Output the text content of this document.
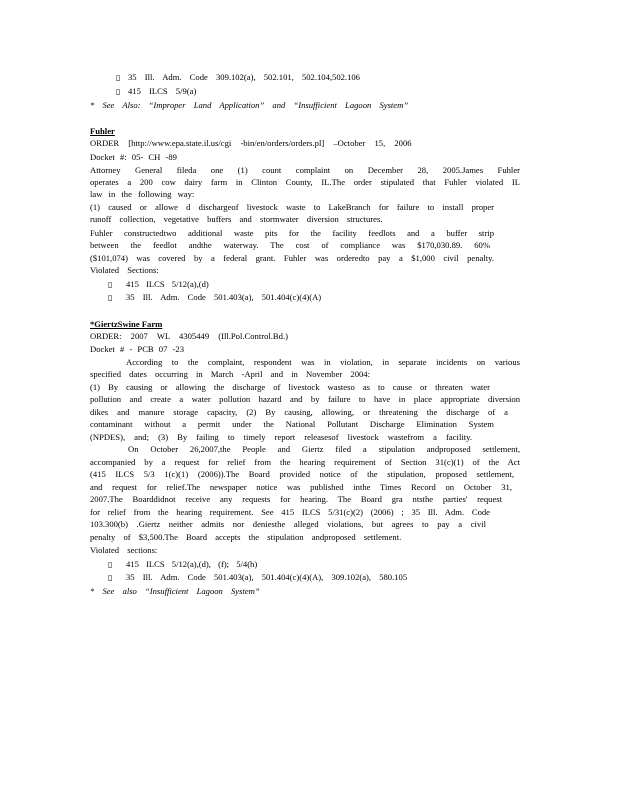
▯ 35 Ill. Adm. Code 309.102(a), 502.101, 502.104,502.106
▯ 415 ILCS 5/9(a)
* See Also: “Improper Land Application” and “Insufficient Lagoon System”
Fuhler
ORDER [http://www.epa.state.il.us/cgi -bin/en/orders/orders.pl] –October 15, 2006
Docket #: 05- CH -89
Attorney General fileda one (1) count complaint on December 28, 2005.James Fuhler
operates a 200 cow dairy farm in Clinton County, IL.The order stipulated that Fuhler violated IL
law in the following way:
(1) caused or allowe d dischargeof livestock waste to LakeBranch for failure to install proper
runoff collection, vegetative buffers and stormwater diversion structures.
Fuhler constructedtwo additional waste pits for the facility feedlots and a buffer strip
between the feedlot andthe waterway. The cost of compliance was $170,030.89. 60%
($101,074) was covered by a federal grant. Fuhler was orderedto pay a $1,000 civil penalty.
Violated Sections:
▯ 415 ILCS 5/12(a),(d)
▯ 35 Ill. Adm. Code 501.403(a), 501.404(c)(4)(A)
*GiertzSwine Farm
ORDER: 2007 WL 4305449 (Ill.Pol.Control.Bd.)
Docket # - PCB 07 -23
According to the complaint, respondent was in violation, in separate incidents on various
specified dates occurring in March -April and in November 2004:
(1) By causing or allowing the discharge of livestock wasteso as to cause or threaten water
pollution and create a water pollution hazard and by failure to have in place appropriate diversion
dikes and manure storage capacity, (2) By causing, allowing, or threatening the discharge of a
contaminant without a permit under the National Pollutant Discharge Elimination System
(NPDES), and; (3) By failing to timely report releasesof livestock wastefrom a facility.
On October 26,2007,the People and Giertz filed a stipulation andproposed settlement,
accompanied by a request for relief from the hearing requirement of Section 31(c)(1) of the Act
(415 ILCS 5/3 1(c)(1) (2006)).The Board provided notice of the stipulation, proposed settlement,
and request for relief.The newspaper notice was published inthe Times Record on October 31,
2007.The Boarddidnot receive any requests for hearing. The Board gra ntsthe parties' request
for relief from the hearing requirement. See 415 ILCS 5/31(c)(2) (2006) ; 35 Ill. Adm. Code
103.300(b) .Giertz neither admits nor deniesthe alleged violations, but agrees to pay a civil
penalty of $3,500.The Board accepts the stipulation andproposed settlement.
Violated sections:
▯ 415 ILCS 5/12(a),(d), (f); 5/4(h)
▯ 35 Ill. Adm. Code 501.403(a), 501.404(c)(4)(A), 309.102(a), 580.105
* See also “Insufficient Lagoon System”
